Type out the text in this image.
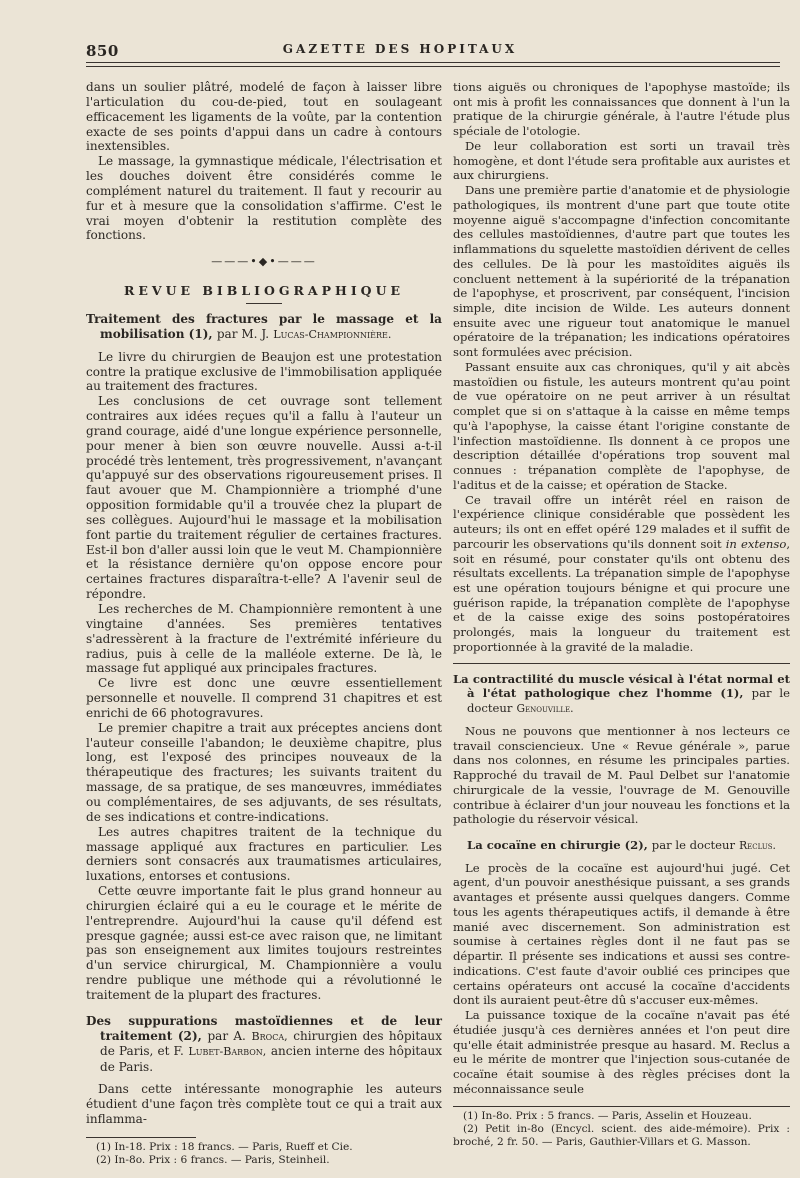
850	GAZETTE DES HOPITAUX

dans un soulier plâtré, modelé de façon à laisser libre l'articulation du cou-de-pied, tout en soulageant efficacement les ligaments de la voûte, par la contention exacte de ses points d'appui dans un cadre à contours inextensibles.

Le massage, la gymnastique médicale, l'électrisation et les douches doivent être considérés comme le complément naturel du traitement. Il faut y recourir au fur et à mesure que la consolidation s'affirme. C'est le vrai moyen d'obtenir la restitution complète des fonctions.

———•◆•———
REVUE BIBLIOGRAPHIQUE

Traitement des fractures par le massage et la mobilisation (1), par M. J. Lucas-Championnière.

Le livre du chirurgien de Beaujon est une protestation contre la pratique exclusive de l'immobilisation appliquée au traitement des fractures.

Les conclusions de cet ouvrage sont tellement contraires aux idées reçues qu'il a fallu à l'auteur un grand courage, aidé d'une longue expérience personnelle, pour mener à bien son œuvre nouvelle. Aussi a-t-il procédé très lentement, très progressivement, n'avançant qu'appuyé sur des observations rigoureusement prises. Il faut avouer que M. Championnière a triomphé d'une opposition formidable qu'il a trouvée chez la plupart de ses collègues. Aujourd'hui le massage et la mobilisation font partie du traitement régulier de certaines fractures. Est-il bon d'aller aussi loin que le veut M. Championnière et la résistance dernière qu'on oppose encore pour certaines fractures disparaîtra-t-elle? A l'avenir seul de répondre.

Les recherches de M. Championnière remontent à une vingtaine d'années. Ses premières tentatives s'adressèrent à la fracture de l'extrémité inférieure du radius, puis à celle de la malléole externe. De là, le massage fut appliqué aux principales fractures.

Ce livre est donc une œuvre essentiellement personnelle et nouvelle. Il comprend 31 chapitres et est enrichi de 66 photogravures.

Le premier chapitre a trait aux préceptes anciens dont l'auteur conseille l'abandon; le deuxième chapitre, plus long, est l'exposé des principes nouveaux de la thérapeutique des fractures; les suivants traitent du massage, de sa pratique, de ses manœuvres, immédiates ou complémentaires, de ses adjuvants, de ses résultats, de ses indications et contre-indications.

Les autres chapitres traitent de la technique du massage appliqué aux fractures en particulier. Les derniers sont consacrés aux traumatismes articulaires, luxations, entorses et contusions.

Cette œuvre importante fait le plus grand honneur au chirurgien éclairé qui a eu le courage et le mérite de l'entreprendre. Aujourd'hui la cause qu'il défend est presque gagnée; aussi est-ce avec raison que, ne limitant pas son enseignement aux limites toujours restreintes d'un service chirurgical, M. Championnière a voulu rendre publique une méthode qui a révolutionné le traitement de la plupart des fractures.

Des suppurations mastoïdiennes et de leur traitement (2), par A. Broca, chirurgien des hôpitaux de Paris, et F. Lubet-Barbon, ancien interne des hôpitaux de Paris.

Dans cette intéressante monographie les auteurs étudient d'une façon très complète tout ce qui a trait aux inflamma-

(1) In-18. Prix : 18 francs. — Paris, Rueff et Cie.

(2) In-8o. Prix : 6 francs. — Paris, Steinheil.

tions aiguës ou chroniques de l'apophyse mastoïde; ils ont mis à profit les connaissances que donnent à l'un la pratique de la chirurgie générale, à l'autre l'étude plus spéciale de l'otologie.

De leur collaboration est sorti un travail très homogène, et dont l'étude sera profitable aux auristes et aux chirurgiens.

Dans une première partie d'anatomie et de physiologie pathologiques, ils montrent d'une part que toute otite moyenne aiguë s'accompagne d'infection concomitante des cellules mastoïdiennes, d'autre part que toutes les inflammations du squelette mastoïdien dérivent de celles des cellules. De là pour les mastoïdites aiguës ils concluent nettement à la supériorité de la trépanation de l'apophyse, et proscrivent, par conséquent, l'incision simple, dite incision de Wilde. Les auteurs donnent ensuite avec une rigueur tout anatomique le manuel opératoire de la trépanation; les indications opératoires sont formulées avec précision.

Passant ensuite aux cas chroniques, qu'il y ait abcès mastoïdien ou fistule, les auteurs montrent qu'au point de vue opératoire on ne peut arriver à un résultat complet que si on s'attaque à la caisse en même temps qu'à l'apophyse, la caisse étant l'origine constante de l'infection mastoïdienne. Ils donnent à ce propos une description détaillée d'opérations trop souvent mal connues : trépanation complète de l'apophyse, de l'aditus et de la caisse; et opération de Stacke.

Ce travail offre un intérêt réel en raison de l'expérience clinique considérable que possèdent les auteurs; ils ont en effet opéré 129 malades et il suffit de parcourir les observations qu'ils donnent soit in extenso, soit en résumé, pour constater qu'ils ont obtenu des résultats excellents. La trépanation simple de l'apophyse est une opération toujours bénigne et qui procure une guérison rapide, la trépanation complète de l'apophyse et de la caisse exige des soins postopératoires prolongés, mais la longueur du traitement est proportionnée à la gravité de la maladie.

La contractilité du muscle vésical à l'état normal et à l'état pathologique chez l'homme (1), par le docteur Genouville.

Nous ne pouvons que mentionner à nos lecteurs ce travail consciencieux. Une « Revue générale », parue dans nos colonnes, en résume les principales parties. Rapproché du travail de M. Paul Delbet sur l'anatomie chirurgicale de la vessie, l'ouvrage de M. Genouville contribue à éclairer d'un jour nouveau les fonctions et la pathologie du réservoir vésical.

La cocaïne en chirurgie (2), par le docteur Reclus.

Le procès de la cocaïne est aujourd'hui jugé. Cet agent, d'un pouvoir anesthésique puissant, a ses grands avantages et présente aussi quelques dangers. Comme tous les agents thérapeutiques actifs, il demande à être manié avec discernement. Son administration est soumise à certaines règles dont il ne faut pas se départir. Il présente ses indications et aussi ses contre-indications. C'est faute d'avoir oublié ces principes que certains opérateurs ont accusé la cocaïne d'accidents dont ils auraient peut-être dû s'accuser eux-mêmes.

La puissance toxique de la cocaïne n'avait pas été étudiée jusqu'à ces dernières années et l'on peut dire qu'elle était administrée presque au hasard. M. Reclus a eu le mérite de montrer que l'injection sous-cutanée de cocaïne était soumise à des règles précises dont la méconnaissance seule

(1) In-8o. Prix : 5 francs. — Paris, Asselin et Houzeau.

(2) Petit in-8o (Encycl. scient. des aide-mémoire). Prix : broché, 2 fr. 50. — Paris, Gauthier-Villars et G. Masson.
